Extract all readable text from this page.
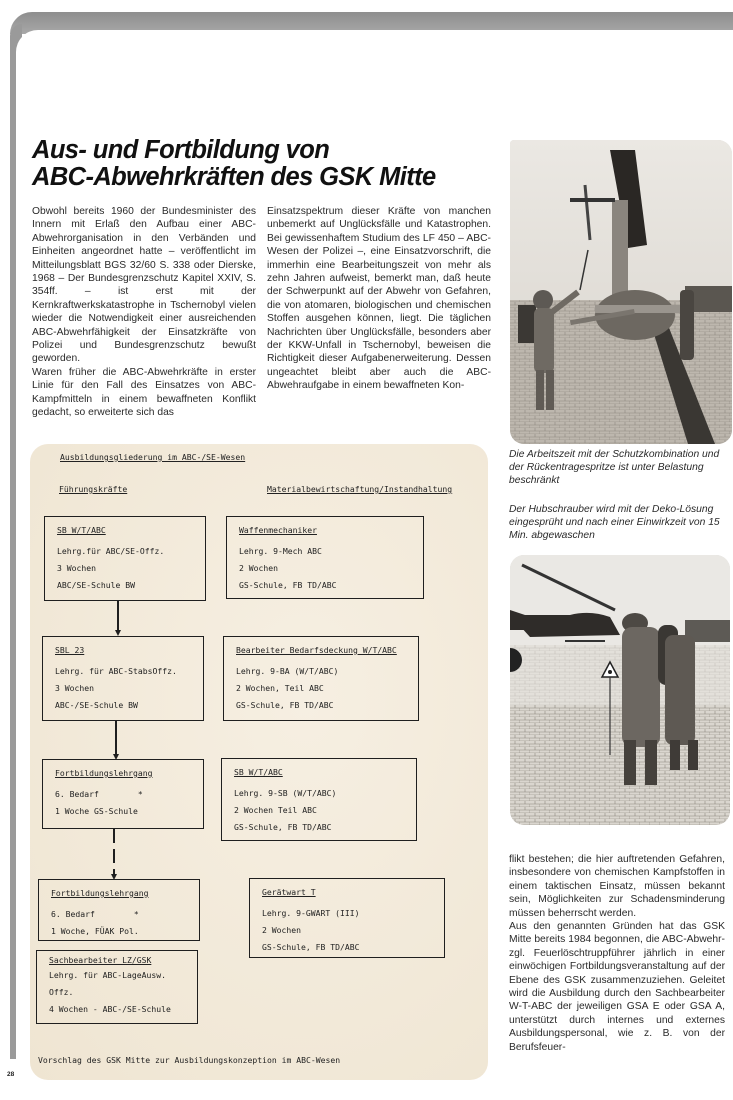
Aus- und Fortbildung von
ABC-Abwehrkräften des GSK Mitte

Obwohl bereits 1960 der Bundesminister des Innern mit Erlaß den Aufbau einer ABC-Abwehrorganisation in den Verbänden und Einheiten angeordnet hatte – veröffentlicht im Mitteilungsblatt BGS 32/60 S. 338 oder Dierske, 1968 – Der Bundesgrenzschutz Kapitel XXIV, S. 354ff. – ist erst mit der Kernkraftwerkskatastrophe in Tschernobyl vielen wieder die Notwendigkeit einer ausreichenden ABC-Abwehrfähigkeit der Einsatzkräfte von Polizei und Bundesgrenzschutz bewußt geworden.

Waren früher die ABC-Abwehrkräfte in erster Linie für den Fall des Einsatzes von ABC-Kampfmitteln in einem bewaffneten Konflikt gedacht, so erweiterte sich das

Einsatzspektrum dieser Kräfte von manchen unbemerkt auf Unglücksfälle und Katastrophen. Bei gewissenhaftem Studium des LF 450 – ABC-Wesen der Polizei –, eine Einsatzvorschrift, die immerhin eine Bearbeitungszeit von mehr als zehn Jahren aufweist, bemerkt man, daß heute der Schwerpunkt auf der Abwehr von Gefahren, die von atomaren, biologischen und chemischen Stoffen ausgehen können, liegt. Die täglichen Nachrichten über Unglücksfälle, besonders aber der KKW-Unfall in Tschernobyl, beweisen die Richtigkeit dieser Aufgabenerweiterung. Dessen ungeachtet bleibt aber auch die ABC-Abwehraufgabe in einem bewaffneten Kon-

Die Arbeitszeit mit der Schutzkombination und der Rückentragespritze ist unter Belastung beschränkt
Der Hubschrauber wird mit der Deko-Lösung eingesprüht und nach einer Einwirkzeit von 15 Min. abgewaschen
Ausbildungsgliederung im ABC-/SE-Wesen
Führungskräfte	Materialbewirtschaftung/Instandhaltung
SB W/T/ABC
Lehrg.für ABC/SE-Offz.
3 Wochen
ABC/SE-Schule BW
SBL 23
Lehrg. für ABC-StabsOffz.
3 Wochen
ABC-/SE-Schule BW
Fortbildungslehrgang
6. Bedarf        *
1 Woche GS-Schule
Fortbildungslehrgang
6. Bedarf        *
1 Woche, FÜAK Pol.
Sachbearbeiter LZ/GSK
Lehrg. für ABC-LageAusw.
Offz.
4 Wochen - ABC-/SE-Schule
Waffenmechaniker
Lehrg. 9-Mech ABC
2 Wochen
GS-Schule, FB TD/ABC
Bearbeiter Bedarfsdeckung W/T/ABC
Lehrg. 9-BA (W/T/ABC)
2 Wochen, Teil ABC
GS-Schule, FB TD/ABC
SB W/T/ABC
Lehrg. 9-SB (W/T/ABC)
2 Wochen Teil ABC
GS-Schule, FB TD/ABC
Gerätwart T
Lehrg. 9-GWART (III)
2 Wochen
GS-Schule, FB TD/ABC
Vorschlag des GSK Mitte zur Ausbildungskonzeption im ABC-Wesen

flikt bestehen; die hier auftretenden Gefahren, insbesondere von chemischen Kampfstoffen in einem taktischen Einsatz, müssen bekannt sein, Möglichkeiten zur Schadensminderung müssen beherrscht werden.

Aus den genannten Gründen hat das GSK Mitte bereits 1984 begonnen, die ABC-Abwehr- zgl. Feuerlöschtruppführer jährlich in einer einwöchigen Fortbildungsveranstaltung auf der Ebene des GSK zusammenzuziehen. Geleitet wird die Ausbildung durch den Sachbearbeiter W-T-ABC der jeweiligen GSA E oder GSA A, unterstützt durch internes und externes Ausbildungspersonal, wie z. B. von der Berufsfeuer-

28
